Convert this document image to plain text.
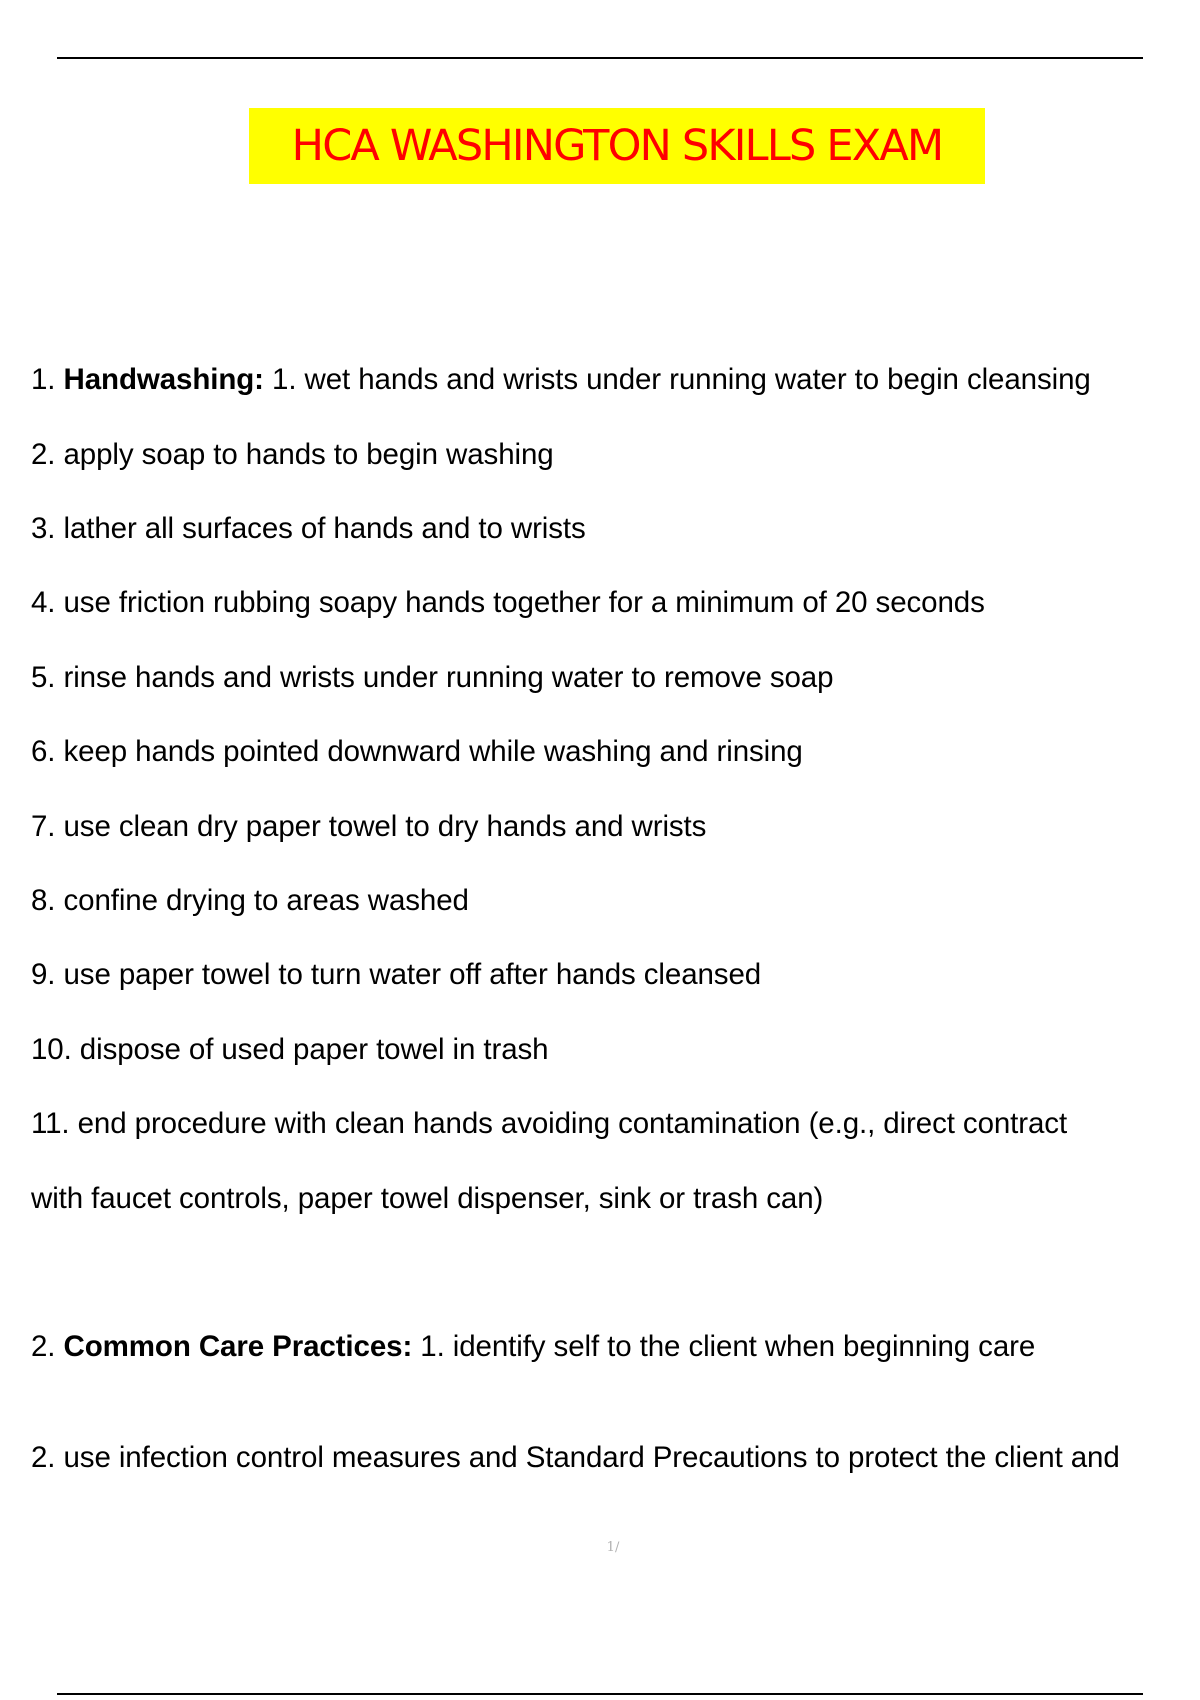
HCA WASHINGTON SKILLS EXAM
1. Handwashing: 1. wet hands and wrists under running water to begin cleansing
2. apply soap to hands to begin washing
3. lather all surfaces of hands and to wrists
4. use friction rubbing soapy hands together for a minimum of 20 seconds
5. rinse hands and wrists under running water to remove soap
6. keep hands pointed downward while washing and rinsing
7. use clean dry paper towel to dry hands and wrists
8. confine drying to areas washed
9. use paper towel to turn water off after hands cleansed
10. dispose of used paper towel in trash
11. end procedure with clean hands avoiding contamination (e.g., direct contract
with faucet controls, paper towel dispenser, sink or trash can)
2. Common Care Practices: 1. identify self to the client when beginning care
2. use infection control measures and Standard Precautions to protect the client and
1/
